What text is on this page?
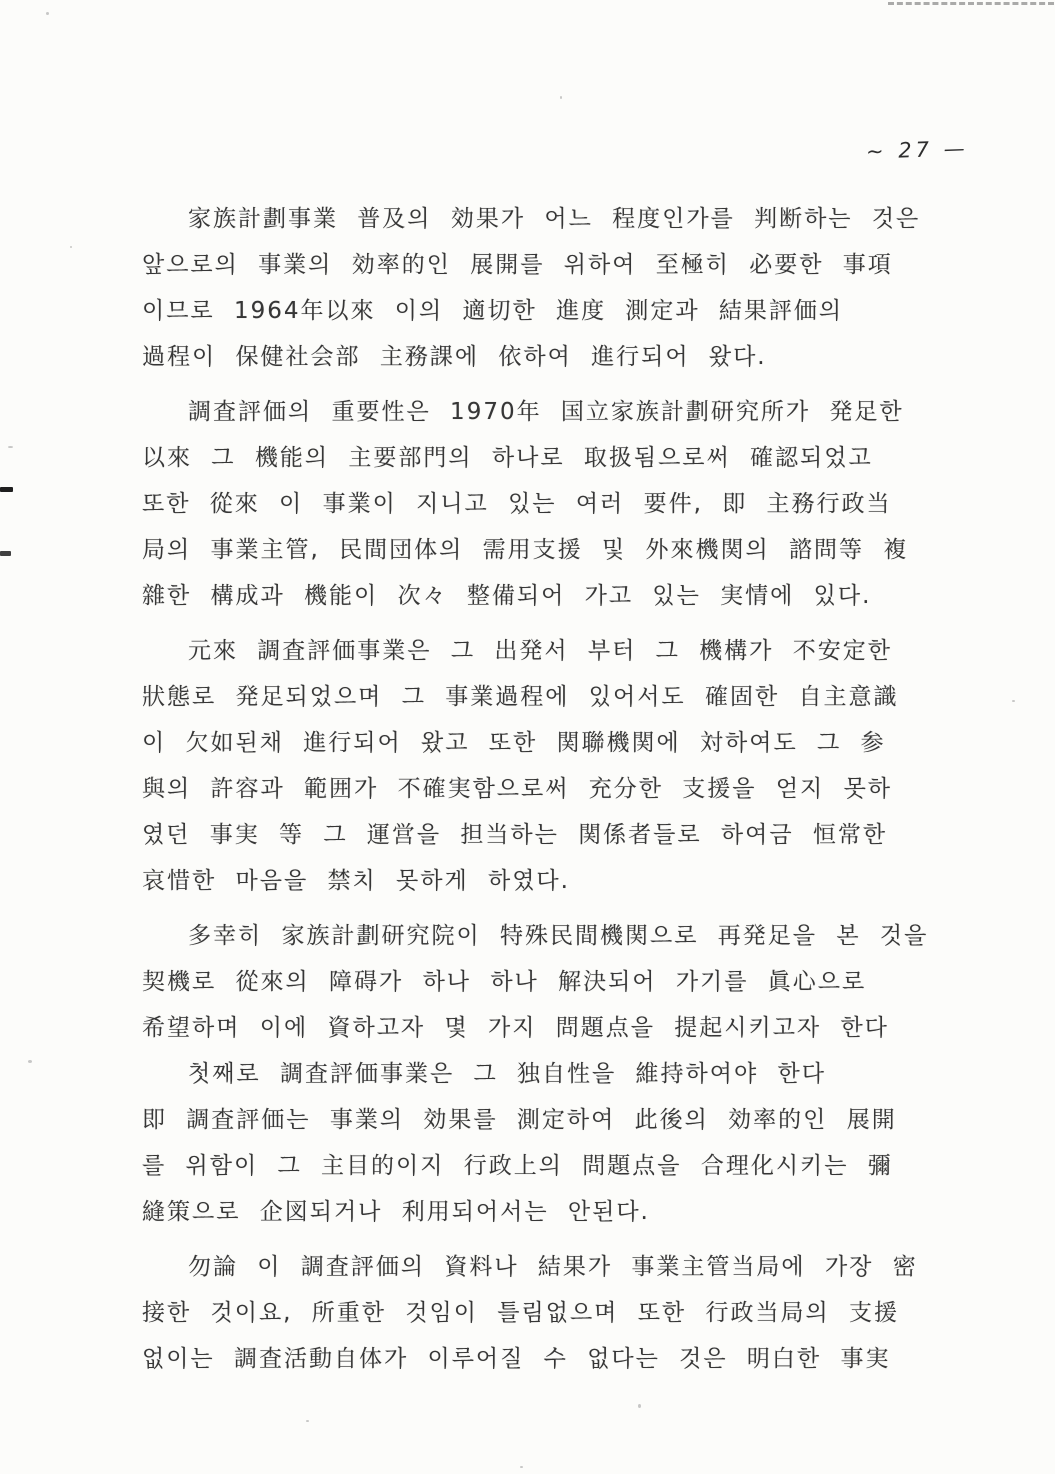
~ 27 —
家族計劃事業 普及의 効果가 어느 程度인가를 判断하는 것은
앞으로의 事業의 効率的인 展開를 위하여 至極히 必要한 事項
이므로 1964年以來 이의 適切한 進度 測定과 結果評価의
過程이 保健社会部 主務課에 依하여 進行되어 왔다.
調査評価의 重要性은 1970年 国立家族計劃研究所가 発足한
以來 그 機能의 主要部門의 하나로 取扱됨으로써 確認되었고
또한 從來 이 事業이 지니고 있는 여러 要件, 即 主務行政当
局의 事業主管, 民間団体의 需用支援 및 外來機関의 諮問等 複
雜한 構成과 機能이 次々 整備되어 가고 있는 実情에 있다.
元來 調査評価事業은 그 出発서 부터 그 機構가 不安定한
狀態로 発足되었으며 그 事業過程에 있어서도 確固한 自主意識
이 欠如된채 進行되어 왔고 또한 関聯機関에 対하여도 그 参
與의 許容과 範囲가 不確実함으로써 充分한 支援을 얻지 못하
였던 事実 等 그 運営을 担当하는 関係者들로 하여금 恒常한
哀惜한 마음을 禁치 못하게 하였다.
多幸히 家族計劃研究院이 特殊民間機関으로 再発足을 본 것을
契機로 從來의 障碍가 하나 하나 解決되어 가기를 眞心으로
希望하며 이에 資하고자 몇 가지 問題点을 提起시키고자 한다
첫째로 調査評価事業은 그 独自性을 維持하여야 한다
即 調査評価는 事業의 効果를 測定하여 此後의 効率的인 展開
를 위함이 그 主目的이지 行政上의 問題点을 合理化시키는 彌
縫策으로 企図되거나 利用되어서는 안된다.
勿論 이 調査評価의 資料나 結果가 事業主管当局에 가장 密
接한 것이요, 所重한 것임이 틀림없으며 또한 行政当局의 支援
없이는 調査活動自体가 이루어질 수 없다는 것은 明白한 事実
